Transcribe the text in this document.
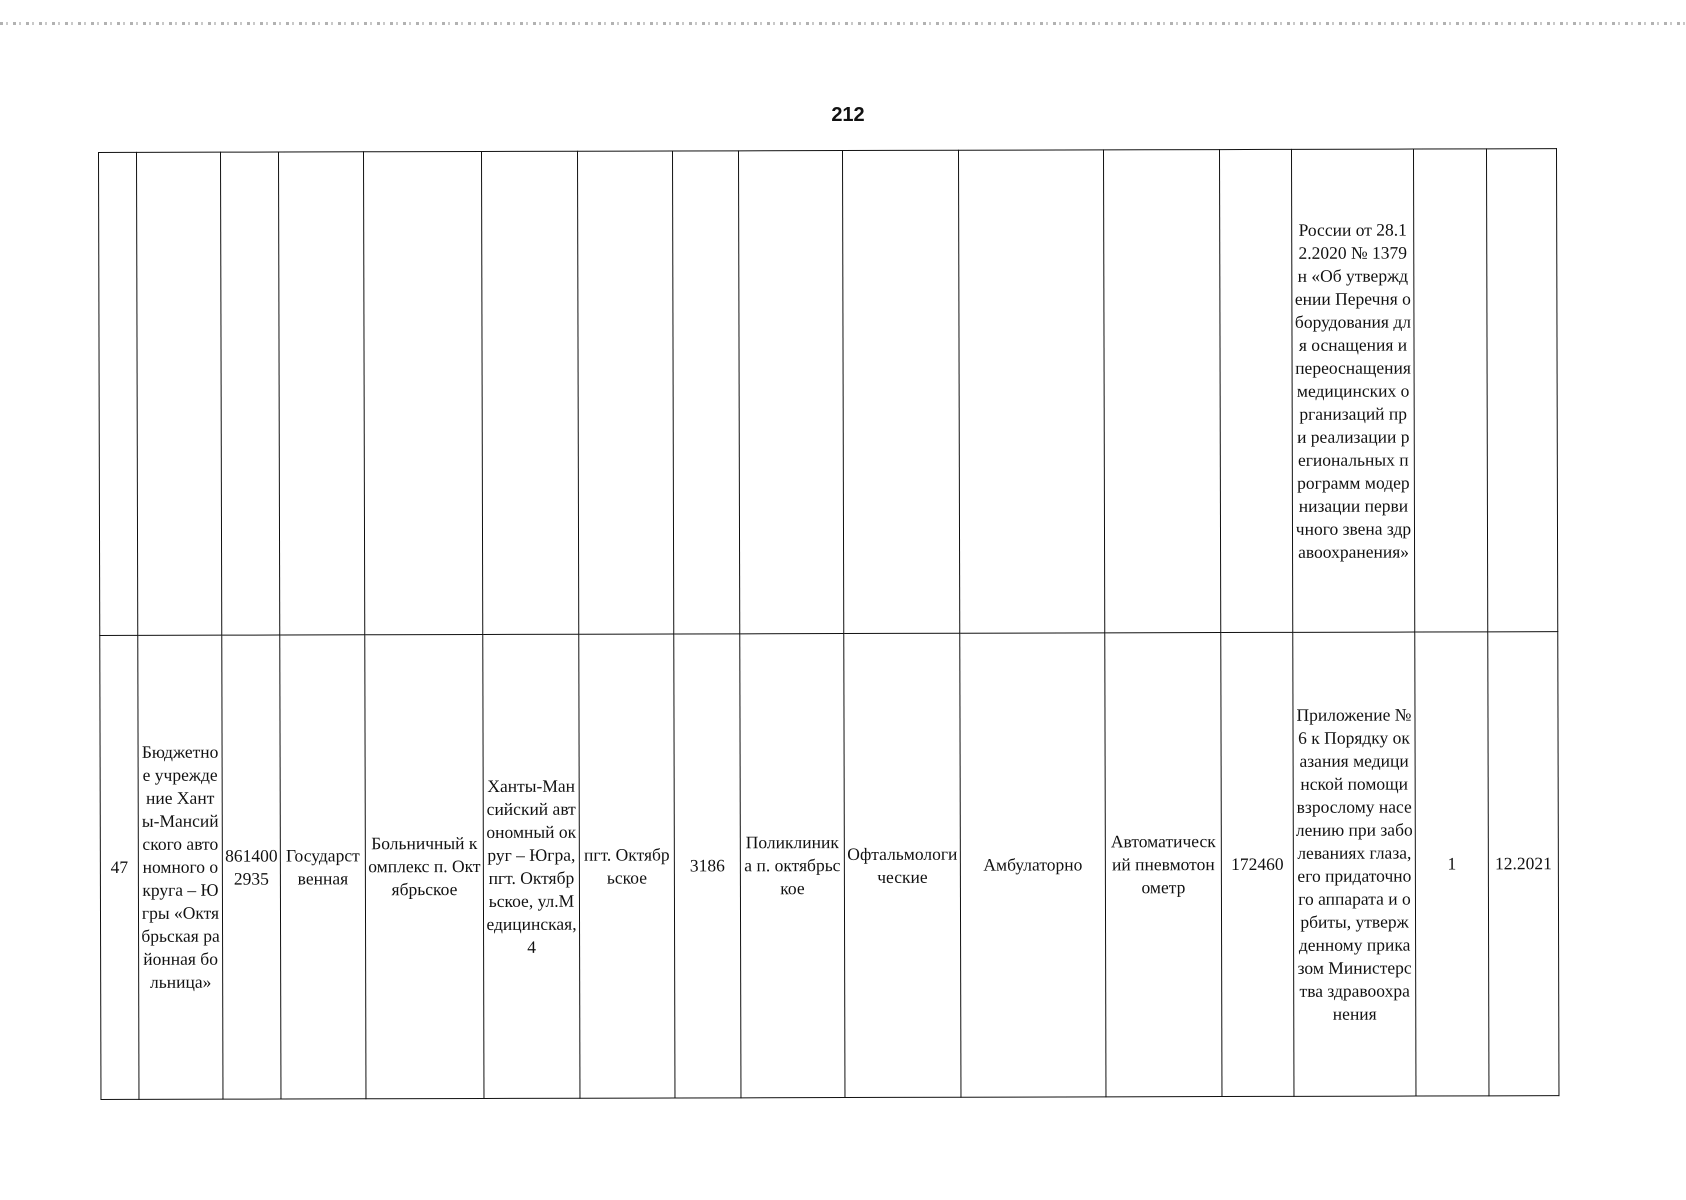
212

													России от 28.12.2020 № 1379н «Об утверждении Перечня оборудования для оснащения и переоснащения медицинских организаций при реализации региональных программ модернизации первичного звена здравоохранения»		

47	Бюджетное учреждение Ханты-Мансийского автономного округа – Югры «Октябрьская районная больница»	8614002935	Государственная	Больничный комплекс п. Октябрьское	Ханты-Мансийский автономный округ – Югра, пгт. Октябрьское, ул.Медицинская, 4	пгт. Октябрьское	3186	Поликлиника п. октябрьское	Офтальмологические	Амбулаторно	Автоматический пневмотонометр	172460	Приложение № 6 к Порядку оказания медицинской помощи взрослому населению при заболеваниях глаза, его придаточного аппарата и орбиты, утвержденному приказом Министерства здравоохранения	1	12.2021
